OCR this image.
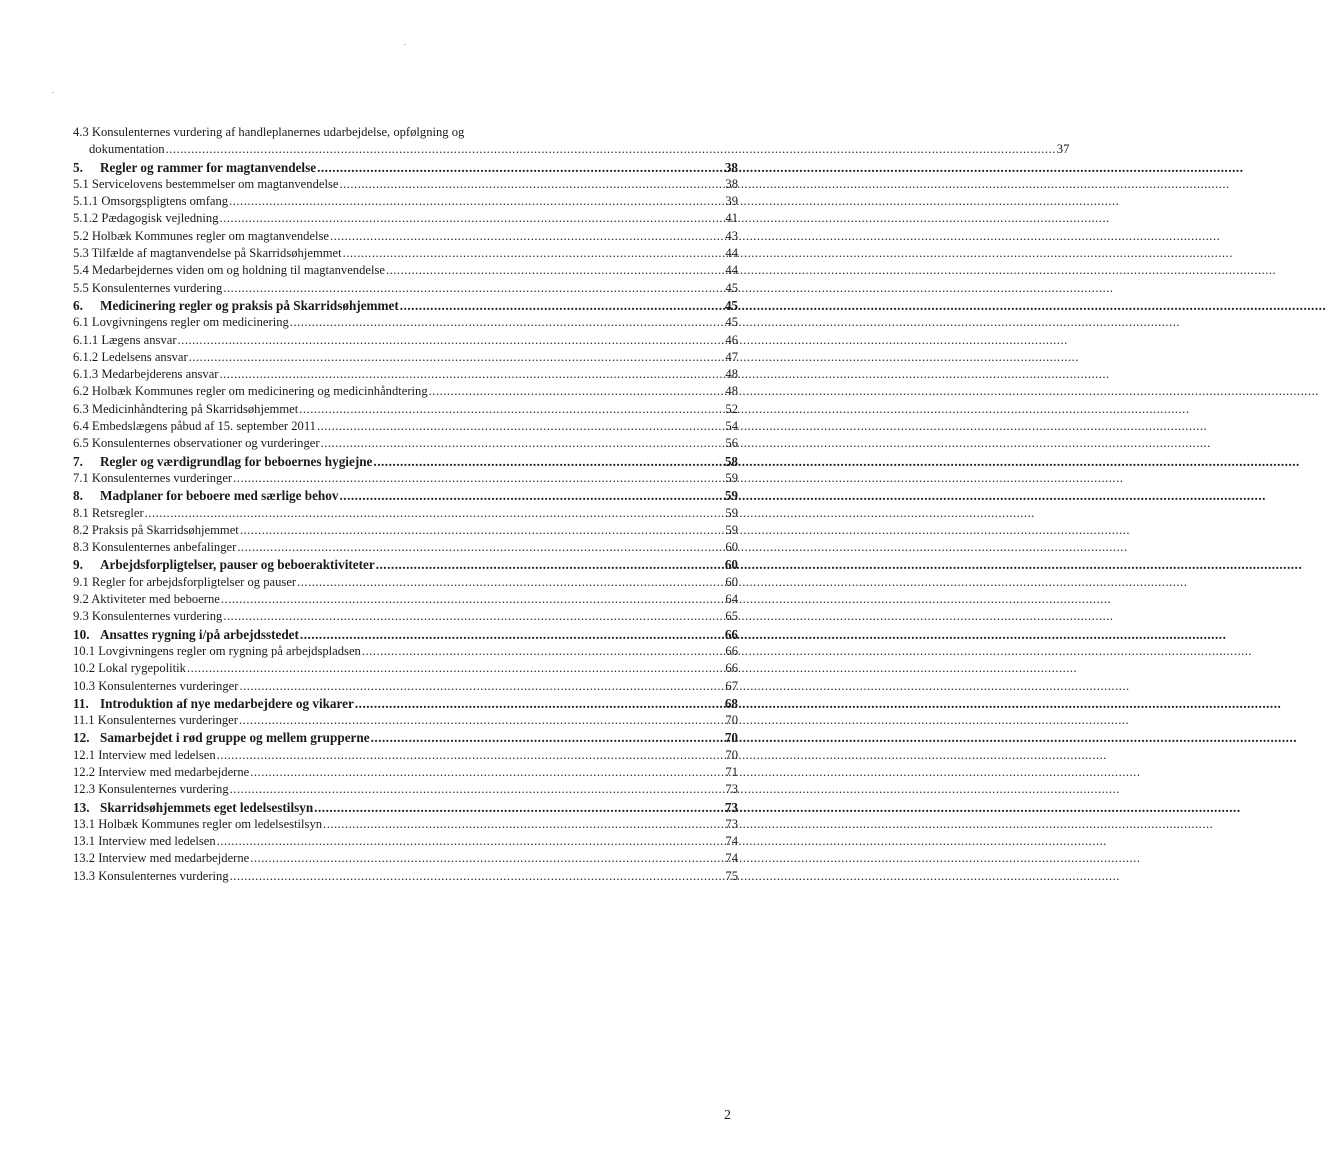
4.3 Konsulenternes vurdering af handleplanernes udarbejdelse, opfølgning og
dokumentation .....	37
5. Regler og rammer for magtanvendelse .....	38
5.1 Servicelovens bestemmelser om magtanvendelse .....	38
5.1.1 Omsorgspligtens omfang .....	39
5.1.2 Pædagogisk vejledning .....	41
5.2 Holbæk Kommunes regler om magtanvendelse .....	43
5.3 Tilfælde af magtanvendelse på Skarridsøhjemmet .....	44
5.4 Medarbejdernes viden om og holdning til magtanvendelse .....	44
5.5 Konsulenternes vurdering .....	45
6. Medicinering regler og praksis på Skarridsøhjemmet .....	45
6.1 Lovgivningens regler om medicinering .....	45
6.1.1 Lægens ansvar .....	46
6.1.2 Ledelsens ansvar .....	47
6.1.3 Medarbejderens ansvar .....	48
6.2 Holbæk Kommunes regler om medicinering og medicinhåndtering .....	48
6.3 Medicinhåndtering på Skarridsøhjemmet .....	52
6.4 Embedslægens påbud af 15. september 2011 .....	54
6.5 Konsulenternes observationer og vurderinger .....	56
7. Regler og værdigrundlag for beboernes hygiejne .....	58
7.1 Konsulenternes vurderinger .....	59
8. Madplaner for beboere med særlige behov .....	59
8.1 Retsregler .....	59
8.2 Praksis på Skarridsøhjemmet .....	59
8.3 Konsulenternes anbefalinger .....	60
9. Arbejdsforpligtelser, pauser og beboeraktiviteter .....	60
9.1 Regler for arbejdsforpligtelser og pauser .....	60
9.2 Aktiviteter med beboerne .....	64
9.3 Konsulenternes vurdering .....	65
10. Ansattes rygning i/på arbejdsstedet .....	66
10.1 Lovgivningens regler om rygning på arbejdspladsen .....	66
10.2 Lokal rygepolitik .....	66
10.3 Konsulenternes vurderinger .....	67
11. Introduktion af nye medarbejdere og vikarer .....	68
11.1 Konsulenternes vurderinger .....	70
12. Samarbejdet i rød gruppe og mellem grupperne .....	70
12.1 Interview med ledelsen .....	70
12.2 Interview med medarbejderne .....	71
12.3 Konsulenternes vurdering .....	73
13. Skarridsøhjemmets eget ledelsestilsyn .....	73
13.1 Holbæk Kommunes regler om ledelsestilsyn .....	73
13.1 Interview med ledelsen .....	74
13.2 Interview med medarbejderne .....	74
13.3 Konsulenternes vurdering .....	75
2
